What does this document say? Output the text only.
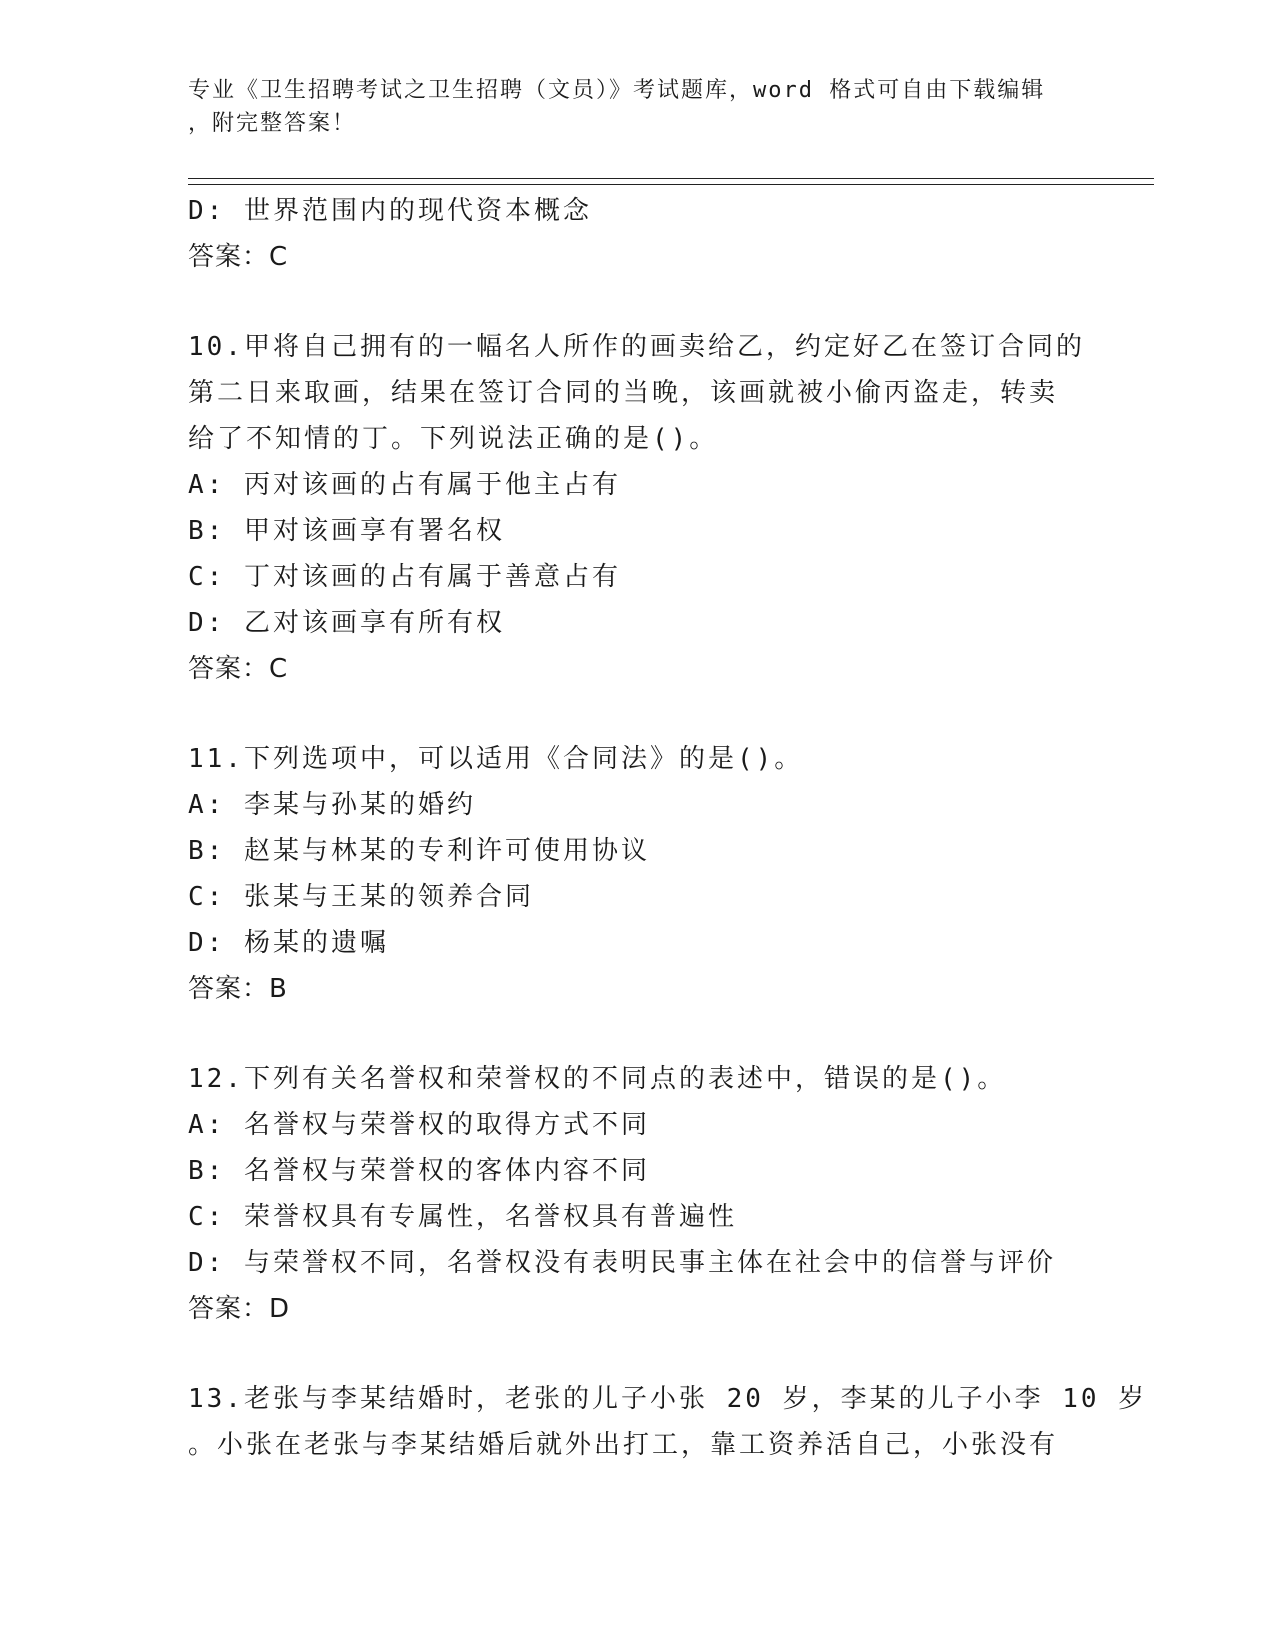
专业《卫生招聘考试之卫生招聘（文员）》考试题库，word 格式可自由下载编辑
，附完整答案！
D: 世界范围内的现代资本概念
答案：C
10.甲将自己拥有的一幅名人所作的画卖给乙，约定好乙在签订合同的
第二日来取画，结果在签订合同的当晚，该画就被小偷丙盗走，转卖
给了不知情的丁。下列说法正确的是()。
A: 丙对该画的占有属于他主占有
B: 甲对该画享有署名权
C: 丁对该画的占有属于善意占有
D: 乙对该画享有所有权
答案：C
11.下列选项中，可以适用《合同法》的是()。
A: 李某与孙某的婚约
B: 赵某与林某的专利许可使用协议
C: 张某与王某的领养合同
D: 杨某的遗嘱
答案：B
12.下列有关名誉权和荣誉权的不同点的表述中，错误的是()。
A: 名誉权与荣誉权的取得方式不同
B: 名誉权与荣誉权的客体内容不同
C: 荣誉权具有专属性，名誉权具有普遍性
D: 与荣誉权不同，名誉权没有表明民事主体在社会中的信誉与评价
答案：D
13.老张与李某结婚时，老张的儿子小张 20 岁，李某的儿子小李 10 岁
。小张在老张与李某结婚后就外出打工，靠工资养活自己，小张没有
